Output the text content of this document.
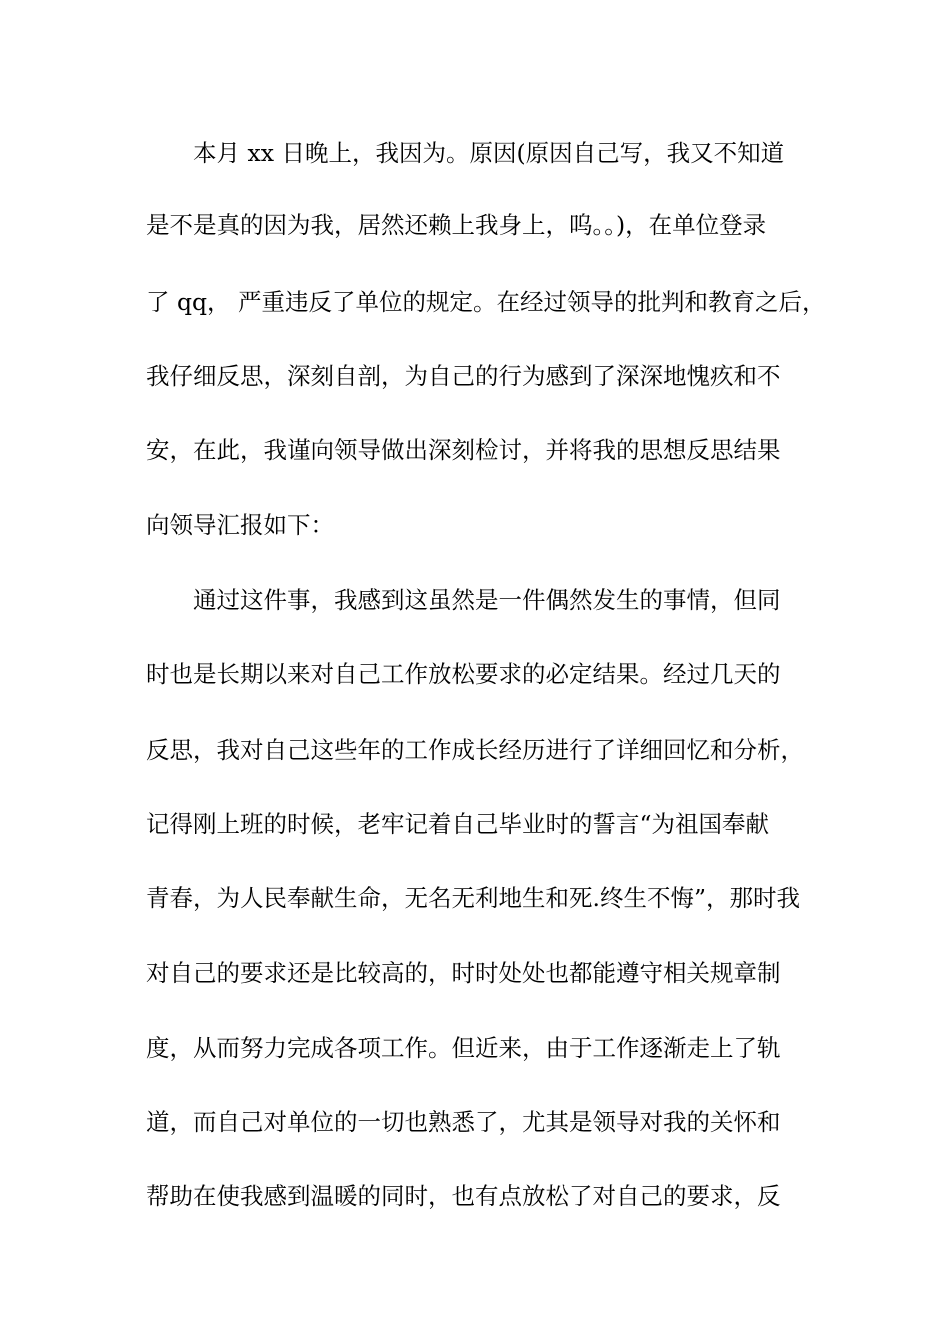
本月 xx 日晚上，我因为。原因(原因自己写，我又不知道
是不是真的因为我，居然还赖上我身上，呜。。)，在单位登录
了 qq， 严重违反了单位的规定。在经过领导的批判和教育之后，
我仔细反思，深刻自剖，为自己的行为感到了深深地愧疚和不
安，在此，我谨向领导做出深刻检讨，并将我的思想反思结果
向领导汇报如下：
通过这件事，我感到这虽然是一件偶然发生的事情，但同
时也是长期以来对自己工作放松要求的必定结果。经过几天的
反思，我对自己这些年的工作成长经历进行了详细回忆和分析，
记得刚上班的时候，老牢记着自己毕业时的誓言“为祖国奉献
青春，为人民奉献生命，无名无利地生和死.终生不悔”，那时我
对自己的要求还是比较高的，时时处处也都能遵守相关规章制
度，从而努力完成各项工作。但近来，由于工作逐渐走上了轨
道，而自己对单位的一切也熟悉了，尤其是领导对我的关怀和
帮助在使我感到温暖的同时，也有点放松了对自己的要求，反
